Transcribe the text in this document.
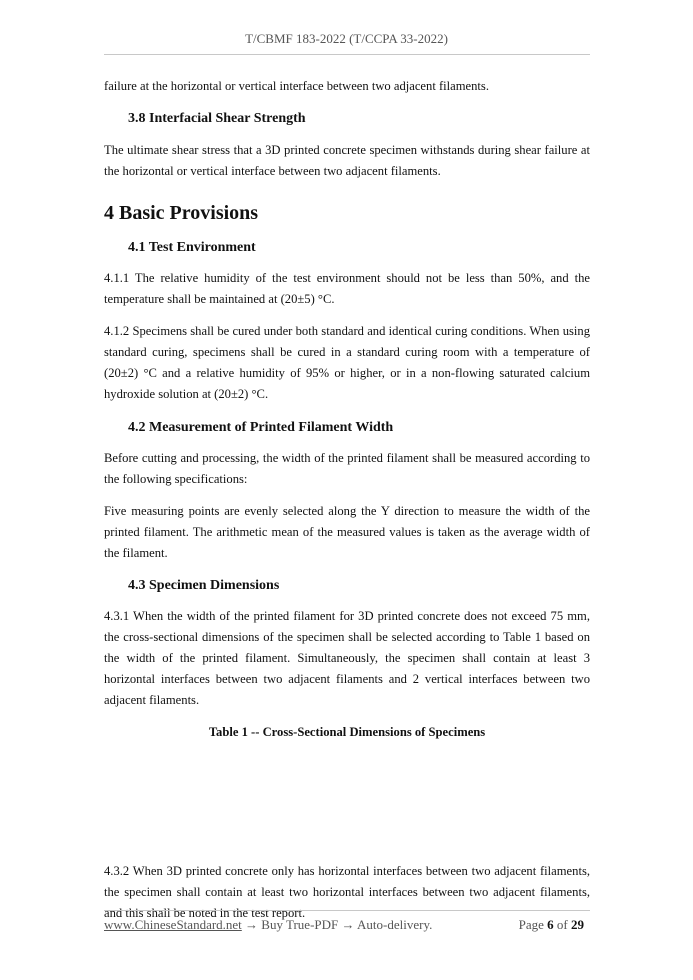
T/CBMF 183-2022 (T/CCPA 33-2022)

failure at the horizontal or vertical interface between two adjacent filaments.

3.8 Interfacial Shear Strength

The ultimate shear stress that a 3D printed concrete specimen withstands during shear failure at the horizontal or vertical interface between two adjacent filaments.

4 Basic Provisions
4.1 Test Environment

4.1.1 The relative humidity of the test environment should not be less than 50%, and the temperature shall be maintained at (20±5) °C.

4.1.2 Specimens shall be cured under both standard and identical curing conditions. When using standard curing, specimens shall be cured in a standard curing room with a temperature of (20±2) °C and a relative humidity of 95% or higher, or in a non-flowing saturated calcium hydroxide solution at (20±2) °C.

4.2 Measurement of Printed Filament Width

Before cutting and processing, the width of the printed filament shall be measured according to the following specifications:

Five measuring points are evenly selected along the Y direction to measure the width of the printed filament. The arithmetic mean of the measured values is taken as the average width of the filament.

4.3 Specimen Dimensions

4.3.1 When the width of the printed filament for 3D printed concrete does not exceed 75 mm, the cross-sectional dimensions of the specimen shall be selected according to Table 1 based on the width of the printed filament. Simultaneously, the specimen shall contain at least 3 horizontal interfaces between two adjacent filaments and 2 vertical interfaces between two adjacent filaments.

Table 1 -- Cross-Sectional Dimensions of Specimens

4.3.2 When 3D printed concrete only has horizontal interfaces between two adjacent filaments, the specimen shall contain at least two horizontal interfaces between two adjacent filaments, and this shall be noted in the test report.

www.ChineseStandard.net → Buy True-PDF → Auto-delivery.	Page 6 of 29
